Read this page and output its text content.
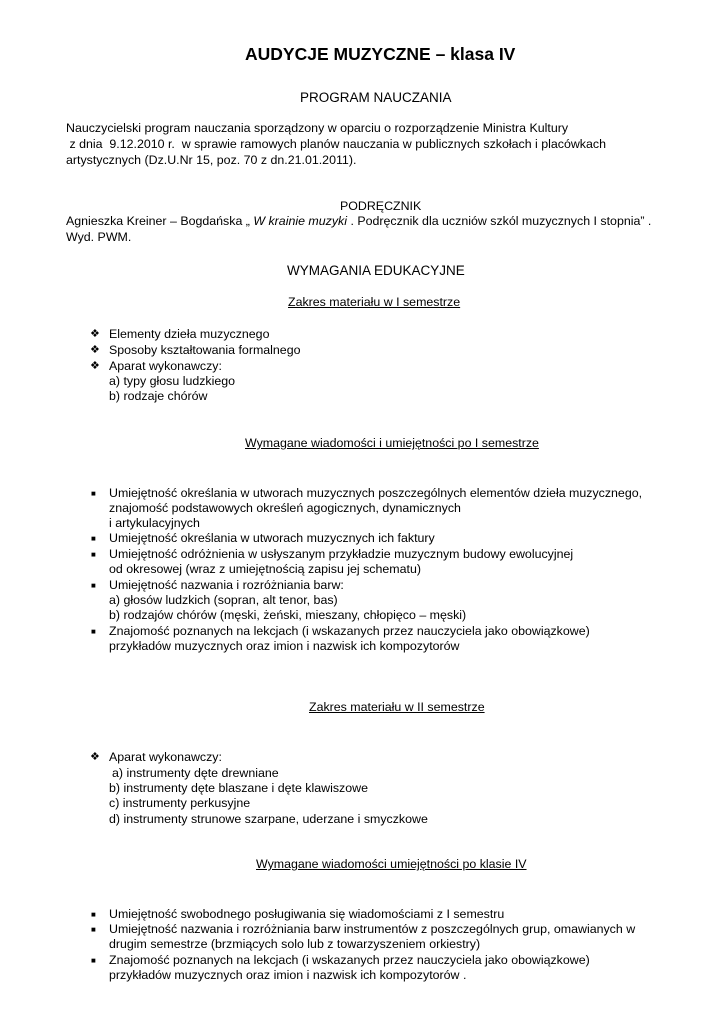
AUDYCJE MUZYCZNE – klasa IV
PROGRAM NAUCZANIA
Nauczycielski program nauczania sporządzony w oparciu o rozporządzenie Ministra Kultury
z dnia  9.12.2010 r.  w sprawie ramowych planów nauczania w publicznych szkołach i placówkach
artystycznych (Dz.U.Nr 15, poz. 70 z dn.21.01.2011).
PODRĘCZNIK
Agnieszka Kreiner – Bogdańska „ W krainie muzyki . Podręcznik dla uczniów szkól muzycznych I stopnia” .
Wyd. PWM.
WYMAGANIA EDUKACYJNE
Zakres materiału w I semestrze
❖ Elementy dzieła muzycznego
❖ Sposoby kształtowania formalnego
❖ Aparat wykonawczy:
a) typy głosu ludzkiego
b) rodzaje chórów
Wymagane wiadomości i umiejętności po I semestrze
■ Umiejętność określania w utworach muzycznych poszczególnych elementów dzieła muzycznego,
znajomość podstawowych określeń agogicznych, dynamicznych
i artykulacyjnych
■ Umiejętność określania w utworach muzycznych ich faktury
■ Umiejętność odróżnienia w usłyszanym przykładzie muzycznym budowy ewolucyjnej
od okresowej (wraz z umiejętnością zapisu jej schematu)
■ Umiejętność nazwania i rozróżniania barw:
a) głosów ludzkich (sopran, alt tenor, bas)
b) rodzajów chórów (męski, żeński, mieszany, chłopięco – męski)
■ Znajomość poznanych na lekcjach (i wskazanych przez nauczyciela jako obowiązkowe)
przykładów muzycznych oraz imion i nazwisk ich kompozytorów
Zakres materiału w II semestrze
❖ Aparat wykonawczy:
a) instrumenty dęte drewniane
b) instrumenty dęte blaszane i dęte klawiszowe
c) instrumenty perkusyjne
d) instrumenty strunowe szarpane, uderzane i smyczkowe
Wymagane wiadomości umiejętności po klasie IV
■ Umiejętność swobodnego posługiwania się wiadomościami z I semestru
■ Umiejętność nazwania i rozróżniania barw instrumentów z poszczególnych grup, omawianych w
drugim semestrze (brzmiących solo lub z towarzyszeniem orkiestry)
■ Znajomość poznanych na lekcjach (i wskazanych przez nauczyciela jako obowiązkowe)
przykładów muzycznych oraz imion i nazwisk ich kompozytorów .
